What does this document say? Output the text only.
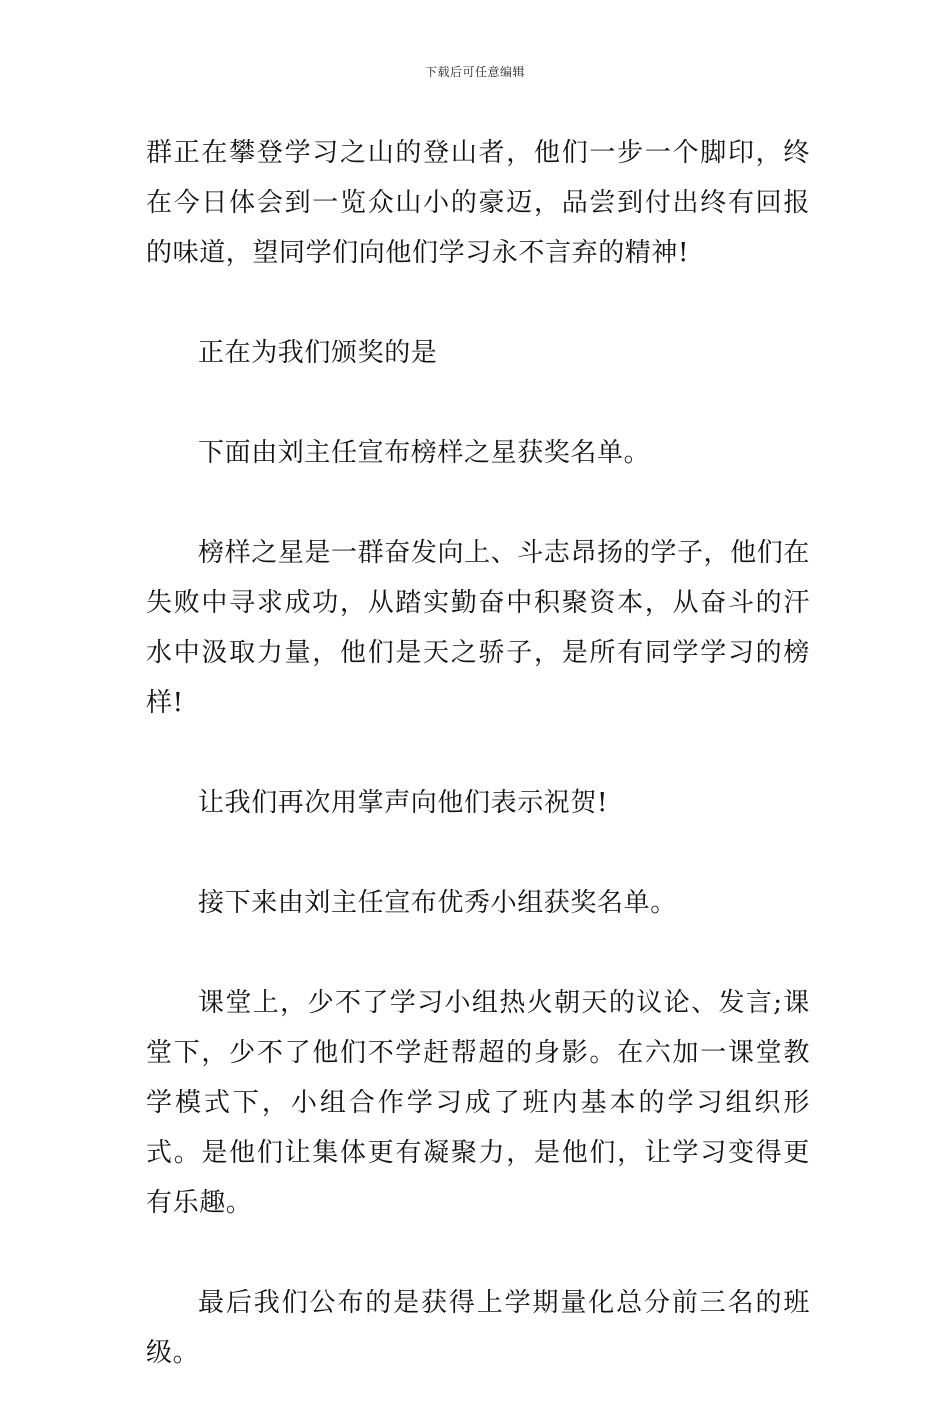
下载后可任意编辑

群正在攀登学习之山的登山者，他们一步一个脚印，终在今日体会到一览众山小的豪迈，品尝到付出终有回报的味道，望同学们向他们学习永不言弃的精神!

正在为我们颁奖的是

下面由刘主任宣布榜样之星获奖名单。

榜样之星是一群奋发向上、斗志昂扬的学子，他们在失败中寻求成功，从踏实勤奋中积聚资本，从奋斗的汗水中汲取力量，他们是天之骄子，是所有同学学习的榜样!

让我们再次用掌声向他们表示祝贺!

接下来由刘主任宣布优秀小组获奖名单。

课堂上，少不了学习小组热火朝天的议论、发言;课堂下，少不了他们不学赶帮超的身影。在六加一课堂教学模式下，小组合作学习成了班内基本的学习组织形式。是他们让集体更有凝聚力，是他们，让学习变得更有乐趣。

最后我们公布的是获得上学期量化总分前三名的班级。
